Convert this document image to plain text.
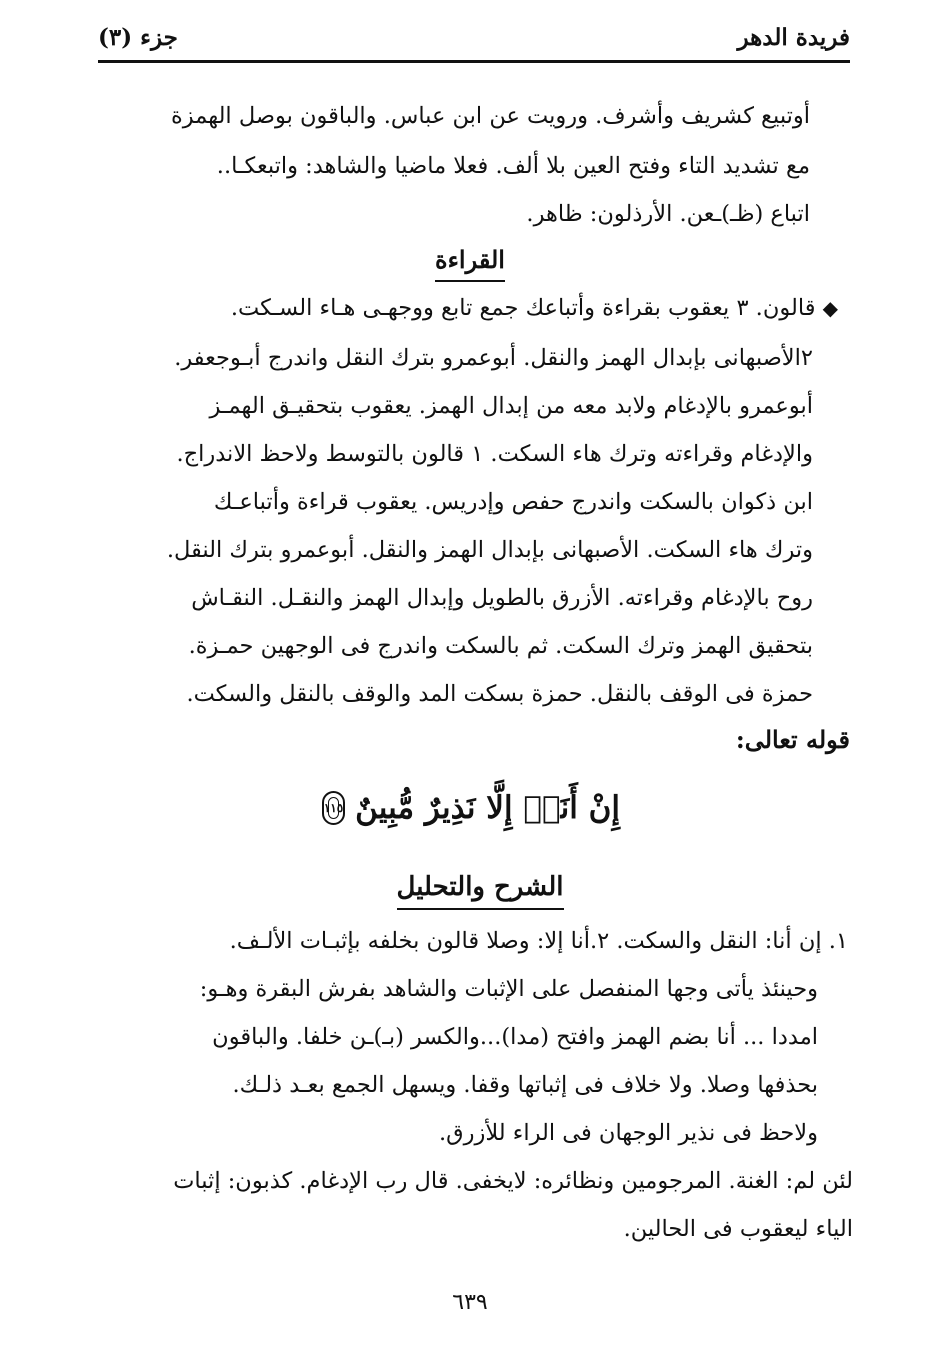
فريدة الدهر
جزء (٣)
أوتبيع كشريف وأشرف. ورويت عن ابن عباس. والباقون بوصل الهمزة
مع تشديد التاء وفتح العين بلا ألف. فعلا ماضيا والشاهد: واتبعكـا..
اتباع (ظـ)ـعن. الأرذلون: ظاهر.
القراءة
◆ قالون. ٣ يعقوب بقراءة وأتباعك جمع تابع ووجهـى هـاء السـكت.
٢الأصبهانى بإبدال الهمز والنقل. أبوعمرو بترك النقل واندرج أبـوجعفر.
أبوعمرو بالإدغام ولابد معه من إبدال الهمز. يعقوب بتحقيـق الهمـز
والإدغام وقراءته وترك هاء السكت. ١ قالون بالتوسط ولاحظ الاندراج.
ابن ذكوان بالسكت واندرج حفص وإدريس. يعقوب قراءة وأتباعـك
وترك هاء السكت. الأصبهانى بإبدال الهمز والنقل. أبوعمرو بترك النقل.
روح بالإدغام وقراءته. الأزرق بالطويل وإبدال الهمز والنقـل. النقـاش
بتحقيق الهمز وترك السكت. ثم بالسكت واندرج فى الوجهين حمـزة.
حمزة فى الوقف بالنقل. حمزة بسكت المد والوقف بالنقل والسكت.
قوله تعالى:
إِنْ أَنَا۠ إِلَّا نَذِيرٌ مُّبِينٌ
١١٥
الشرح والتحليل
١. إن أنا: النقل والسكت. ٢.أنا إلا: وصلا قالون بخلفه بإثبـات الألـف.
وحينئذ يأتى وجها المنفصل على الإثبات والشاهد بفرش البقرة وهـو:
امددا ... أنا بضم الهمز وافتح (مدا)...والكسر (بـ)ـن خلفا. والباقون
بحذفها وصلا. ولا خلاف فى إثباتها وقفا. ويسهل الجمع بعـد ذلـك.
ولاحظ فى نذير الوجهان فى الراء للأزرق.
لئن لم: الغنة. المرجومين ونظائره: لايخفى. قال رب الإدغام. كذبون: إثبات
الياء ليعقوب فى الحالين.
٦٣٩
